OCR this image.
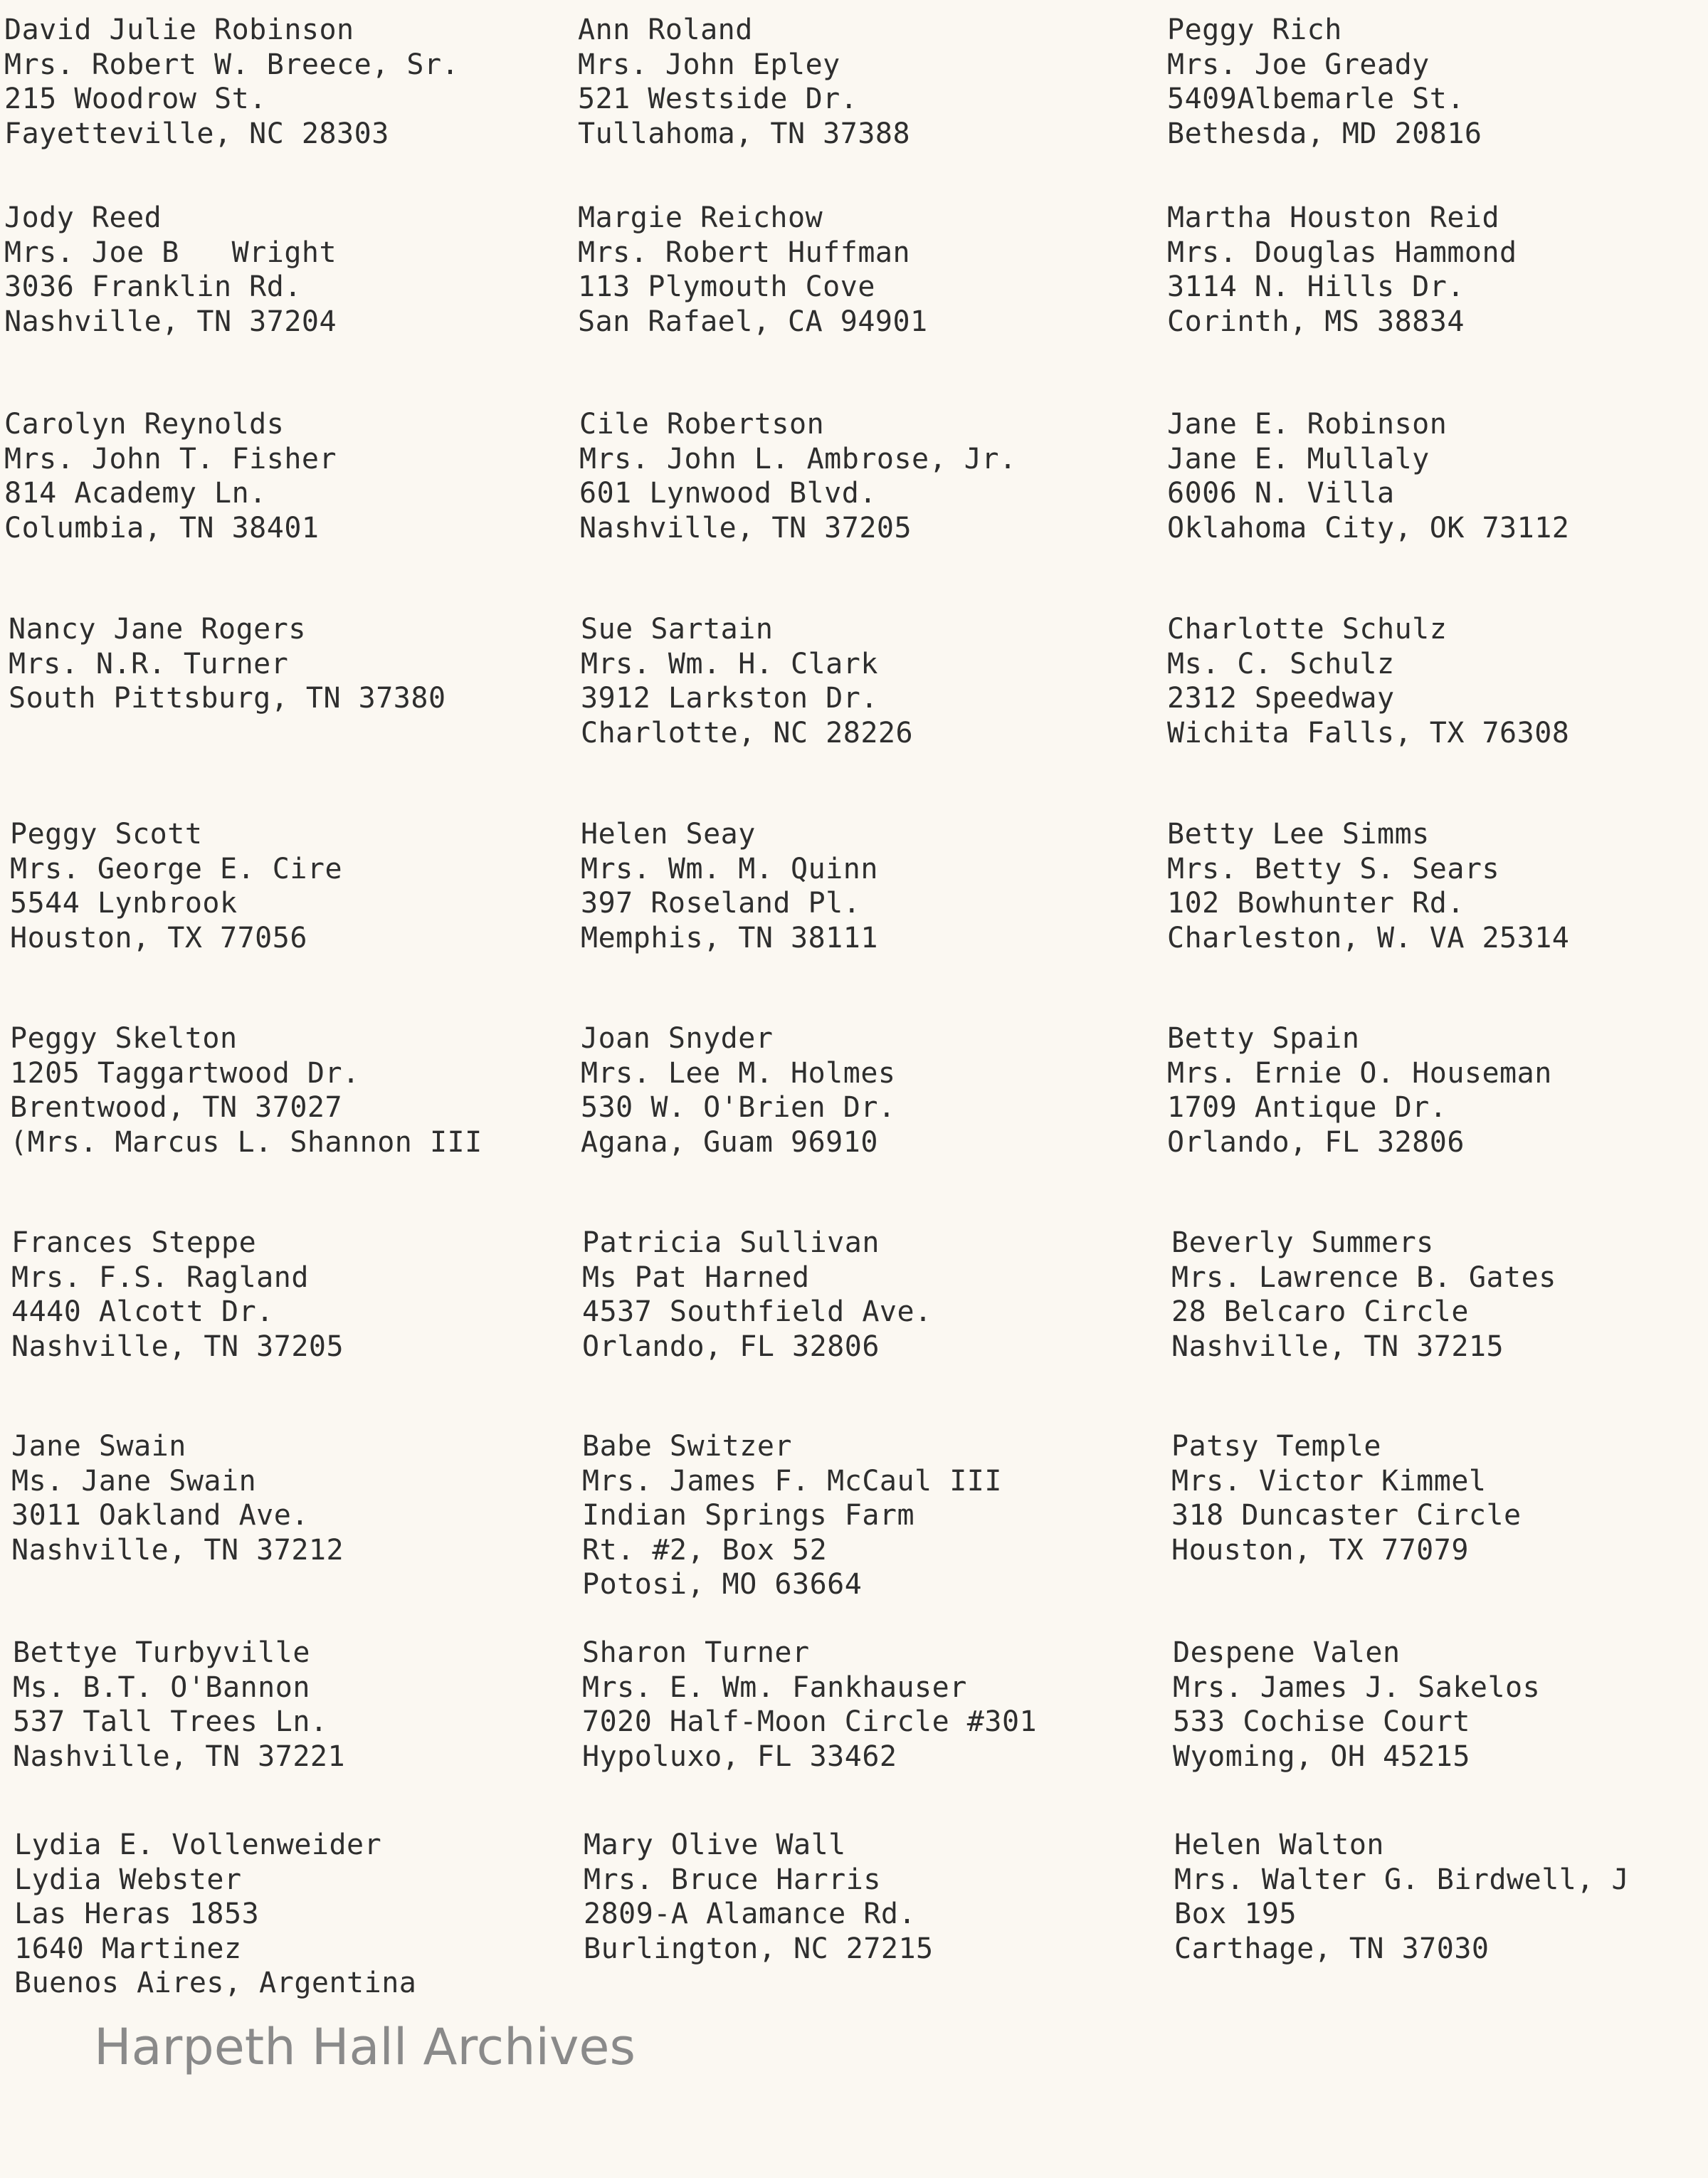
David Julie Robinson
Mrs. Robert W. Breece, Sr.
215 Woodrow St.
Fayetteville, NC 28303
Ann Roland
Mrs. John Epley
521 Westside Dr.
Tullahoma, TN 37388
Peggy Rich
Mrs. Joe Gready
5409Albemarle St.
Bethesda, MD 20816
Jody Reed
Mrs. Joe B   Wright
3036 Franklin Rd.
Nashville, TN 37204
Margie Reichow
Mrs. Robert Huffman
113 Plymouth Cove
San Rafael, CA 94901
Martha Houston Reid
Mrs. Douglas Hammond
3114 N. Hills Dr.
Corinth, MS 38834
Carolyn Reynolds
Mrs. John T. Fisher
814 Academy Ln.
Columbia, TN 38401
Cile Robertson
Mrs. John L. Ambrose, Jr.
601 Lynwood Blvd.
Nashville, TN 37205
Jane E. Robinson
Jane E. Mullaly
6006 N. Villa
Oklahoma City, OK 73112
Nancy Jane Rogers
Mrs. N.R. Turner
South Pittsburg, TN 37380
Sue Sartain
Mrs. Wm. H. Clark
3912 Larkston Dr.
Charlotte, NC 28226
Charlotte Schulz
Ms. C. Schulz
2312 Speedway
Wichita Falls, TX 76308
Peggy Scott
Mrs. George E. Cire
5544 Lynbrook
Houston, TX 77056
Helen Seay
Mrs. Wm. M. Quinn
397 Roseland Pl.
Memphis, TN 38111
Betty Lee Simms
Mrs. Betty S. Sears
102 Bowhunter Rd.
Charleston, W. VA 25314
Peggy Skelton
1205 Taggartwood Dr.
Brentwood, TN 37027
(Mrs. Marcus L. Shannon III
Joan Snyder
Mrs. Lee M. Holmes
530 W. O'Brien Dr.
Agana, Guam 96910
Betty Spain
Mrs. Ernie O. Houseman
1709 Antique Dr.
Orlando, FL 32806
Frances Steppe
Mrs. F.S. Ragland
4440 Alcott Dr.
Nashville, TN 37205
Patricia Sullivan
Ms Pat Harned
4537 Southfield Ave.
Orlando, FL 32806
Beverly Summers
Mrs. Lawrence B. Gates
28 Belcaro Circle
Nashville, TN 37215
Jane Swain
Ms. Jane Swain
3011 Oakland Ave.
Nashville, TN 37212
Babe Switzer
Mrs. James F. McCaul III
Indian Springs Farm
Rt. #2, Box 52
Potosi, MO 63664
Patsy Temple
Mrs. Victor Kimmel
318 Duncaster Circle
Houston, TX 77079
Bettye Turbyville
Ms. B.T. O'Bannon
537 Tall Trees Ln.
Nashville, TN 37221
Sharon Turner
Mrs. E. Wm. Fankhauser
7020 Half-Moon Circle #301
Hypoluxo, FL 33462
Despene Valen
Mrs. James J. Sakelos
533 Cochise Court
Wyoming, OH 45215
Lydia E. Vollenweider
Lydia Webster
Las Heras 1853
1640 Martinez
Buenos Aires, Argentina
Mary Olive Wall
Mrs. Bruce Harris
2809-A Alamance Rd.
Burlington, NC 27215
Helen Walton
Mrs. Walter G. Birdwell, J
Box 195
Carthage, TN 37030
Harpeth Hall Archives
